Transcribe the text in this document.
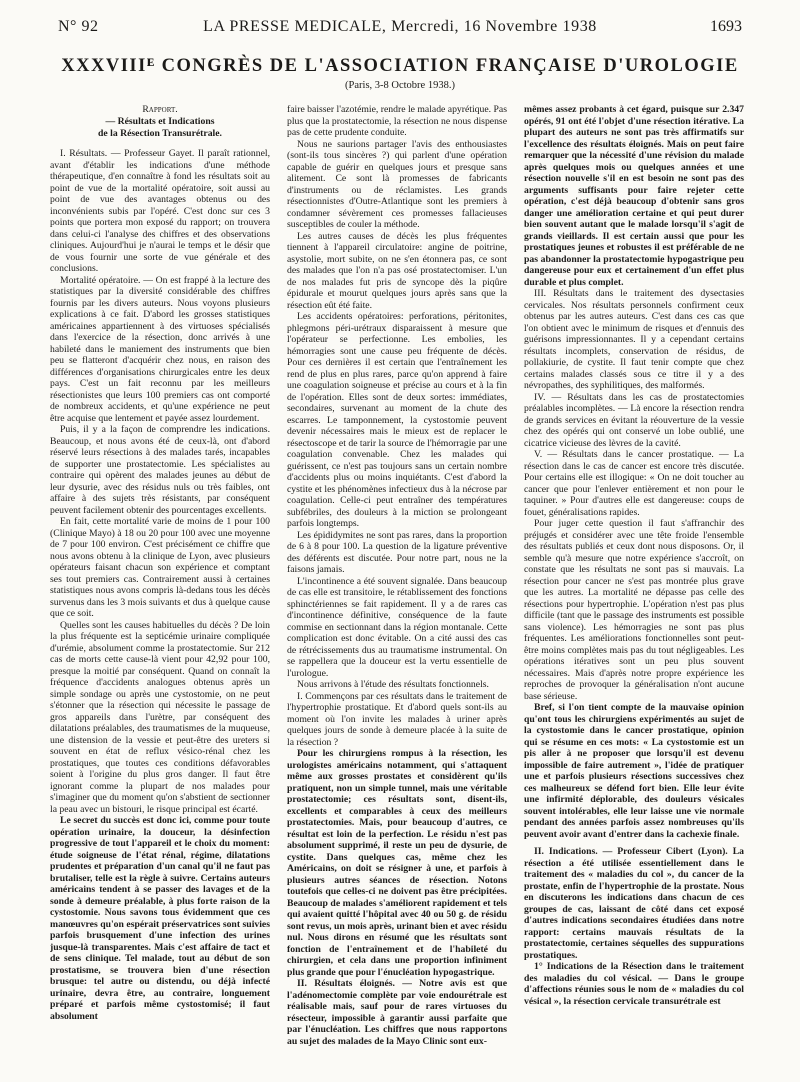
N° 92	LA PRESSE MEDICALE, Mercredi, 16 Novembre 1938	1693
XXXVIIIᴱ CONGRÈS DE L'ASSOCIATION FRANÇAISE D'UROLOGIE
(Paris, 3-8 Octobre 1938.)

Rapport.
— Résultats et Indications
de la Résection Transurétrale.

I. Résultats. — Professeur Gayet. Il paraît rationnel, avant d'établir les indications d'une méthode thérapeutique, d'en connaître à fond les résultats soit au point de vue de la mortalité opératoire, soit aussi au point de vue des avantages obtenus ou des inconvénients subis par l'opéré. C'est donc sur ces 3 points que portera mon exposé du rapport; on trouvera dans celui-ci l'analyse des chiffres et des observations cliniques. Aujourd'hui je n'aurai le temps et le désir que de vous fournir une sorte de vue générale et des conclusions.

Mortalité opératoire. — On est frappé à la lecture des statistiques par la diversité considérable des chiffres fournis par les divers auteurs. Nous voyons plusieurs explications à ce fait. D'abord les grosses statistiques américaines appartiennent à des virtuoses spécialisés dans l'exercice de la résection, donc arrivés à une habileté dans le maniement des instruments que bien peu se flatteront d'acquérir chez nous, en raison des différences d'organisations chirurgicales entre les deux pays. C'est un fait reconnu par les meilleurs résectionistes que leurs 100 premiers cas ont comporté de nombreux accidents, et qu'une expérience ne peut être acquise que lentement et payée assez lourdement.

Puis, il y a la façon de comprendre les indications. Beaucoup, et nous avons été de ceux-là, ont d'abord réservé leurs résections à des malades tarés, incapables de supporter une prostatectomie. Les spécialistes au contraire qui opèrent des malades jeunes au début de leur dysurie, avec des résidus nuls ou très faibles, ont affaire à des sujets très résistants, par conséquent peuvent facilement obtenir des pourcentages excellents.

En fait, cette mortalité varie de moins de 1 pour 100 (Clinique Mayo) à 18 ou 20 pour 100 avec une moyenne de 7 pour 100 environ. C'est précisément ce chiffre que nous avons obtenu à la clinique de Lyon, avec plusieurs opérateurs faisant chacun son expérience et comptant ses tout premiers cas. Contrairement aussi à certaines statistiques nous avons compris là-dedans tous les décès survenus dans les 3 mois suivants et dus à quelque cause que ce soit.

Quelles sont les causes habituelles du décès ? De loin la plus fréquente est la septicémie urinaire compliquée d'urémie, absolument comme la prostatectomie. Sur 212 cas de morts cette cause-là vient pour 42,92 pour 100, presque la moitié par conséquent. Quand on connaît la fréquence d'accidents analogues obtenus après un simple sondage ou après une cystostomie, on ne peut s'étonner que la résection qui nécessite le passage de gros appareils dans l'urètre, par conséquent des dilatations préalables, des traumatismes de la muqueuse, une distension de la vessie et peut-être des ureters si souvent en état de reflux vésico-rénal chez les prostatiques, que toutes ces conditions défavorables soient à l'origine du plus gros danger. Il faut être ignorant comme la plupart de nos malades pour s'imaginer que du moment qu'on s'abstient de sectionner la peau avec un bistouri, le risque principal est écarté.

Le secret du succès est donc ici, comme pour toute opération urinaire, la douceur, la désinfection progressive de tout l'appareil et le choix du moment: étude soigneuse de l'état rénal, régime, dilatations prudentes et préparation d'un canal qu'il ne faut pas brutaliser, telle est la règle à suivre. Certains auteurs américains tendent à se passer des lavages et de la sonde à demeure préalable, à plus forte raison de la cystostomie. Nous savons tous évidemment que ces manœuvres qu'on espérait préservatrices sont suivies parfois brusquement d'une infection des urines jusque-là transparentes. Mais c'est affaire de tact et de sens clinique. Tel malade, tout au début de son prostatisme, se trouvera bien d'une résection brusque: tel autre ou distendu, ou déjà infecté urinaire, devra être, au contraire, longuement préparé et parfois même cystostomisé; il faut absolument

faire baisser l'azotémie, rendre le malade apyrétique. Pas plus que la prostatectomie, la résection ne nous dispense pas de cette prudente conduite.

Nous ne saurions partager l'avis des enthousiastes (sont-ils tous sincères ?) qui parlent d'une opération capable de guérir en quelques jours et presque sans alitement. Ce sont là promesses de fabricants d'instruments ou de réclamistes. Les grands résectionnistes d'Outre-Atlantique sont les premiers à condamner sévèrement ces promesses fallacieuses susceptibles de couler la méthode.

Les autres causes de décès les plus fréquentes tiennent à l'appareil circulatoire: angine de poitrine, asystolie, mort subite, on ne s'en étonnera pas, ce sont des malades que l'on n'a pas osé prostatectomiser. L'un de nos malades fut pris de syncope dès la piqûre épidurale et mourut quelques jours après sans que la résection eût été faite.

Les accidents opératoires: perforations, péritonites, phlegmons péri-urétraux disparaissent à mesure que l'opérateur se perfectionne. Les embolies, les hémorragies sont une cause peu fréquente de décès. Pour ces dernières il est certain que l'entraînement les rend de plus en plus rares, parce qu'on apprend à faire une coagulation soigneuse et précise au cours et à la fin de l'opération. Elles sont de deux sortes: immédiates, secondaires, survenant au moment de la chute des escarres. Le tamponnement, la cystostomie peuvent devenir nécessaires mais le mieux est de replacer le résectoscope et de tarir la source de l'hémorragie par une coagulation convenable. Chez les malades qui guérissent, ce n'est pas toujours sans un certain nombre d'accidents plus ou moins inquiétants. C'est d'abord la cystite et les phénomènes infectieux dus à la nécrose par coagulation. Celle-ci peut entraîner des températures subfébriles, des douleurs à la miction se prolongeant parfois longtemps.

Les épididymites ne sont pas rares, dans la proportion de 6 à 8 pour 100. La question de la ligature préventive des déférents est discutée. Pour notre part, nous ne la faisons jamais.

L'incontinence a été souvent signalée. Dans beaucoup de cas elle est transitoire, le rétablissement des fonctions sphinctériennes se fait rapidement. Il y a de rares cas d'incontinence définitive, conséquence de la faute commise en sectionnant dans la région montanale. Cette complication est donc évitable. On a cité aussi des cas de rétrécissements dus au traumatisme instrumental. On se rappellera que la douceur est la vertu essentielle de l'urologue.

Nous arrivons à l'étude des résultats fonctionnels.

I. Commençons par ces résultats dans le traitement de l'hypertrophie prostatique. Et d'abord quels sont-ils au moment où l'on invite les malades à uriner après quelques jours de sonde à demeure placée à la suite de la résection ?

Pour les chirurgiens rompus à la résection, les urologistes américains notamment, qui s'attaquent même aux grosses prostates et considèrent qu'ils pratiquent, non un simple tunnel, mais une véritable prostatectomie; ces résultats sont, disent-ils, excellents et comparables à ceux des meilleurs prostatectomies. Mais, pour beaucoup d'autres, ce résultat est loin de la perfection. Le résidu n'est pas absolument supprimé, il reste un peu de dysurie, de cystite. Dans quelques cas, même chez les Américains, on doit se résigner à une, et parfois à plusieurs autres séances de résection. Notons toutefois que celles-ci ne doivent pas être précipitées. Beaucoup de malades s'améliorent rapidement et tels qui avaient quitté l'hôpital avec 40 ou 50 g. de résidu sont revus, un mois après, urinant bien et avec résidu nul. Nous dirons en résumé que les résultats sont fonction de l'entraînement et de l'habileté du chirurgien, et cela dans une proportion infiniment plus grande que pour l'énucléation hypogastrique.

II. Résultats éloignés. — Notre avis est que l'adénomectomie complète par voie endourétrale est réalisable mais, sauf pour de rares virtuoses du résecteur, impossible à garantir aussi parfaite que par l'énucléation. Les chiffres que nous rapportons au sujet des malades de la Mayo Clinic sont eux-

mêmes assez probants à cet égard, puisque sur 2.347 opérés, 91 ont été l'objet d'une résection itérative. La plupart des auteurs ne sont pas très affirmatifs sur l'excellence des résultats éloignés. Mais on peut faire remarquer que la nécessité d'une révision du malade après quelques mois ou quelques années et une résection nouvelle s'il en est besoin ne sont pas des arguments suffisants pour faire rejeter cette opération, c'est déjà beaucoup d'obtenir sans gros danger une amélioration certaine et qui peut durer bien souvent autant que le malade lorsqu'il s'agit de grands vieillards. Il est certain aussi que pour les prostatiques jeunes et robustes il est préférable de ne pas abandonner la prostatectomie hypogastrique peu dangereuse pour eux et certainement d'un effet plus durable et plus complet.

III. Résultats dans le traitement des dysectasies cervicales. Nos résultats personnels confirment ceux obtenus par les autres auteurs. C'est dans ces cas que l'on obtient avec le minimum de risques et d'ennuis des guérisons impressionnantes. Il y a cependant certains résultats incomplets, conservation de résidus, de pollakiurie, de cystite. Il faut tenir compte que chez certains malades classés sous ce titre il y a des névropathes, des syphilitiques, des malformés.

IV. — Résultats dans les cas de prostatectomies préalables incomplètes. — Là encore la résection rendra de grands services en évitant la réouverture de la vessie chez des opérés qui ont conservé un lobe oublié, une cicatrice vicieuse des lèvres de la cavité.

V. — Résultats dans le cancer prostatique. — La résection dans le cas de cancer est encore très discutée. Pour certains elle est illogique: « On ne doit toucher au cancer que pour l'enlever entièrement et non pour le taquiner. » Pour d'autres elle est dangereuse: coups de fouet, généralisations rapides.

Pour juger cette question il faut s'affranchir des préjugés et considérer avec une tête froide l'ensemble des résultats publiés et ceux dont nous disposons. Or, il semble qu'à mesure que notre expérience s'accroît, on constate que les résultats ne sont pas si mauvais. La résection pour cancer ne s'est pas montrée plus grave que les autres. La mortalité ne dépasse pas celle des résections pour hypertrophie. L'opération n'est pas plus difficile (tant que le passage des instruments est possible sans violence). Les hémorragies ne sont pas plus fréquentes. Les améliorations fonctionnelles sont peut-être moins complètes mais pas du tout négligeables. Les opérations itératives sont un peu plus souvent nécessaires. Mais d'après notre propre expérience les reproches de provoquer la généralisation n'ont aucune base sérieuse.

Bref, si l'on tient compte de la mauvaise opinion qu'ont tous les chirurgiens expérimentés au sujet de la cystostomie dans le cancer prostatique, opinion qui se résume en ces mots: « La cystostomie est un pis aller à ne proposer que lorsqu'il est devenu impossible de faire autrement », l'idée de pratiquer une et parfois plusieurs résections successives chez ces malheureux se défend fort bien. Elle leur évite une infirmité déplorable, des douleurs vésicales souvent intolérables, elle leur laisse une vie normale pendant des années parfois assez nombreuses qu'ils peuvent avoir avant d'entrer dans la cachexie finale.

II. Indications. — Professeur Cibert (Lyon). La résection a été utilisée essentiellement dans le traitement des « maladies du col », du cancer de la prostate, enfin de l'hypertrophie de la prostate. Nous en discuterons les indications dans chacun de ces groupes de cas, laissant de côté dans cet exposé d'autres indications secondaires étudiées dans notre rapport: certains mauvais résultats de la prostatectomie, certaines séquelles des suppurations prostatiques.

1° Indications de la Résection dans le traitement des maladies du col vésical. — Dans le groupe d'affections réunies sous le nom de « maladies du col vésical », la résection cervicale transurétrale est
